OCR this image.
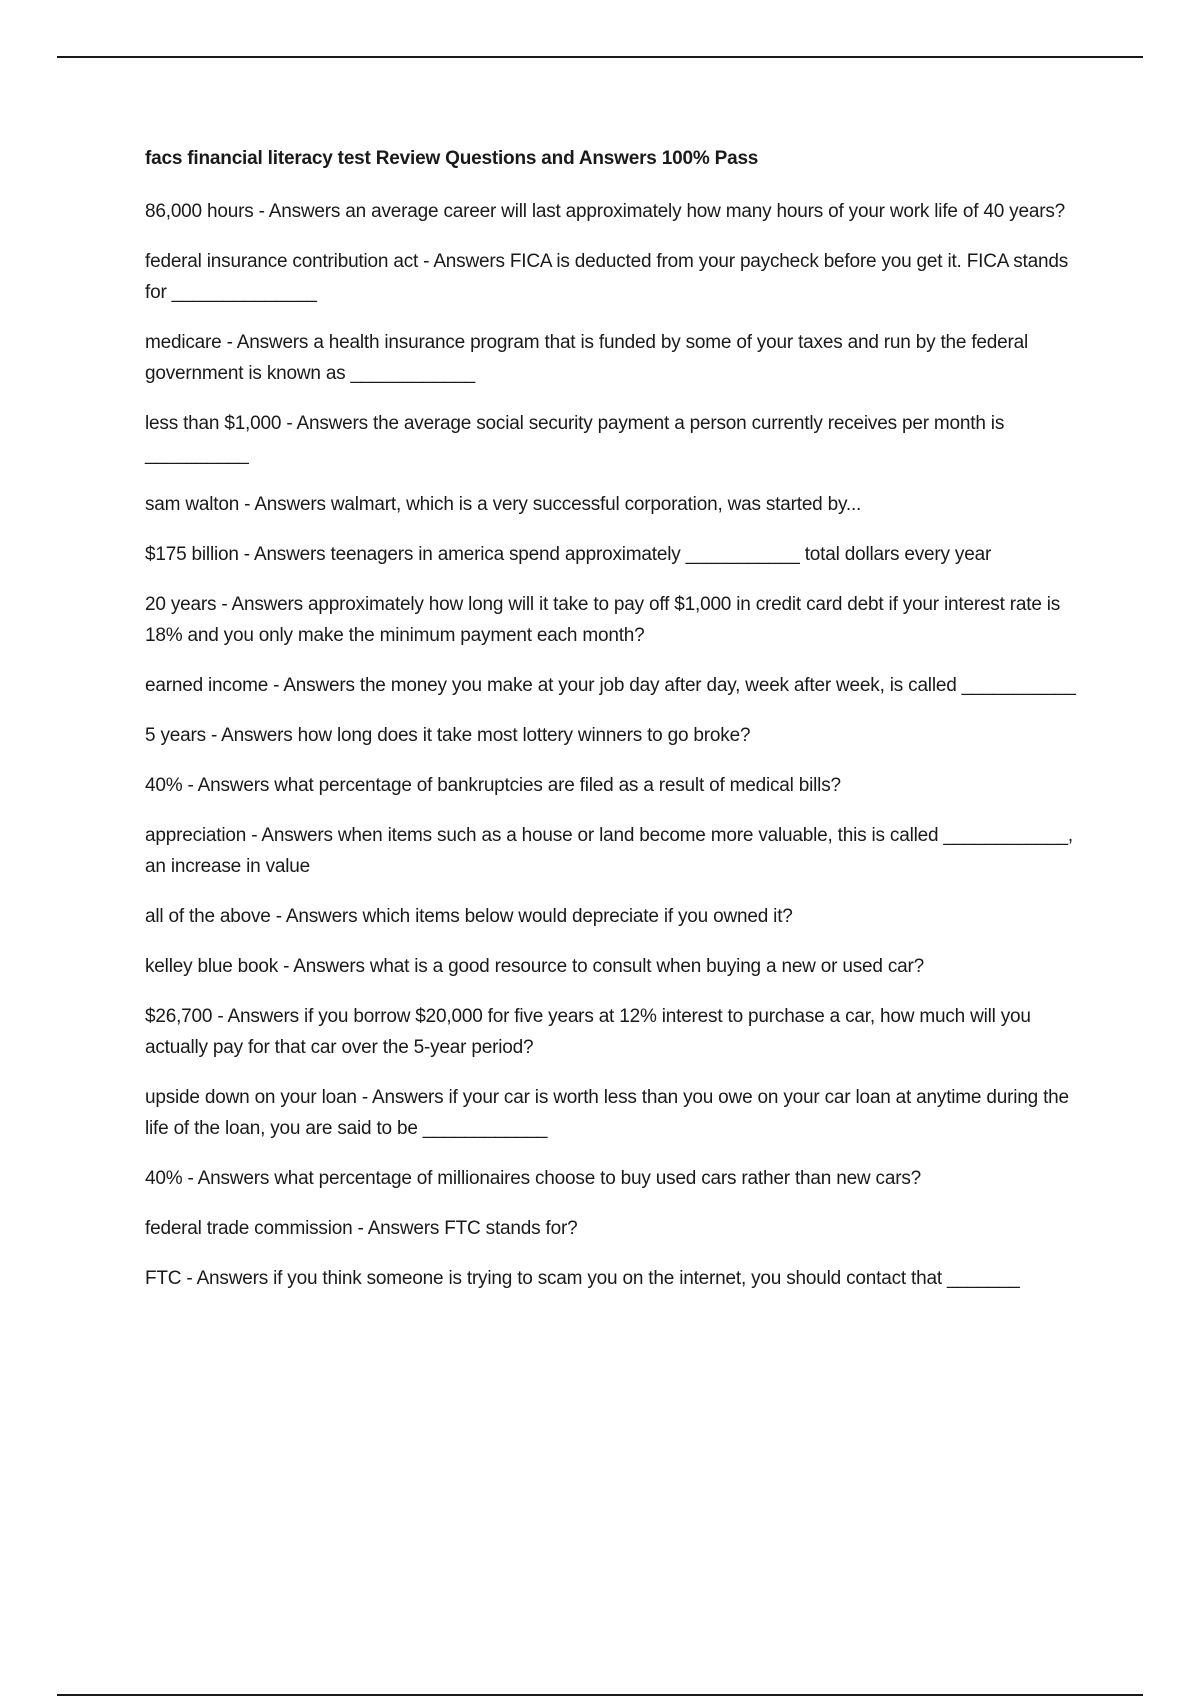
facs financial literacy test Review Questions and Answers 100% Pass

86,000 hours - Answers an average career will last approximately how many hours of your work life of 40 years?

federal insurance contribution act - Answers FICA is deducted from your paycheck before you get it. FICA stands for ______________

medicare - Answers a health insurance program that is funded by some of your taxes and run by the federal government is known as ____________

less than $1,000 - Answers the average social security payment a person currently receives per month is __________

sam walton - Answers walmart, which is a very successful corporation, was started by...

$175 billion - Answers teenagers in america spend approximately ___________ total dollars every year

20 years - Answers approximately how long will it take to pay off $1,000 in credit card debt if your interest rate is 18% and you only make the minimum payment each month?

earned income - Answers the money you make at your job day after day, week after week, is called ___________

5 years - Answers how long does it take most lottery winners to go broke?

40% - Answers what percentage of bankruptcies are filed as a result of medical bills?

appreciation - Answers when items such as a house or land become more valuable, this is called ____________, an increase in value

all of the above - Answers which items below would depreciate if you owned it?

kelley blue book - Answers what is a good resource to consult when buying a new or used car?

$26,700 - Answers if you borrow $20,000 for five years at 12% interest to purchase a car, how much will you actually pay for that car over the 5-year period?

upside down on your loan - Answers if your car is worth less than you owe on your car loan at anytime during the life of the loan, you are said to be ____________

40% - Answers what percentage of millionaires choose to buy used cars rather than new cars?

federal trade commission - Answers FTC stands for?

FTC - Answers if you think someone is trying to scam you on the internet, you should contact that _______
